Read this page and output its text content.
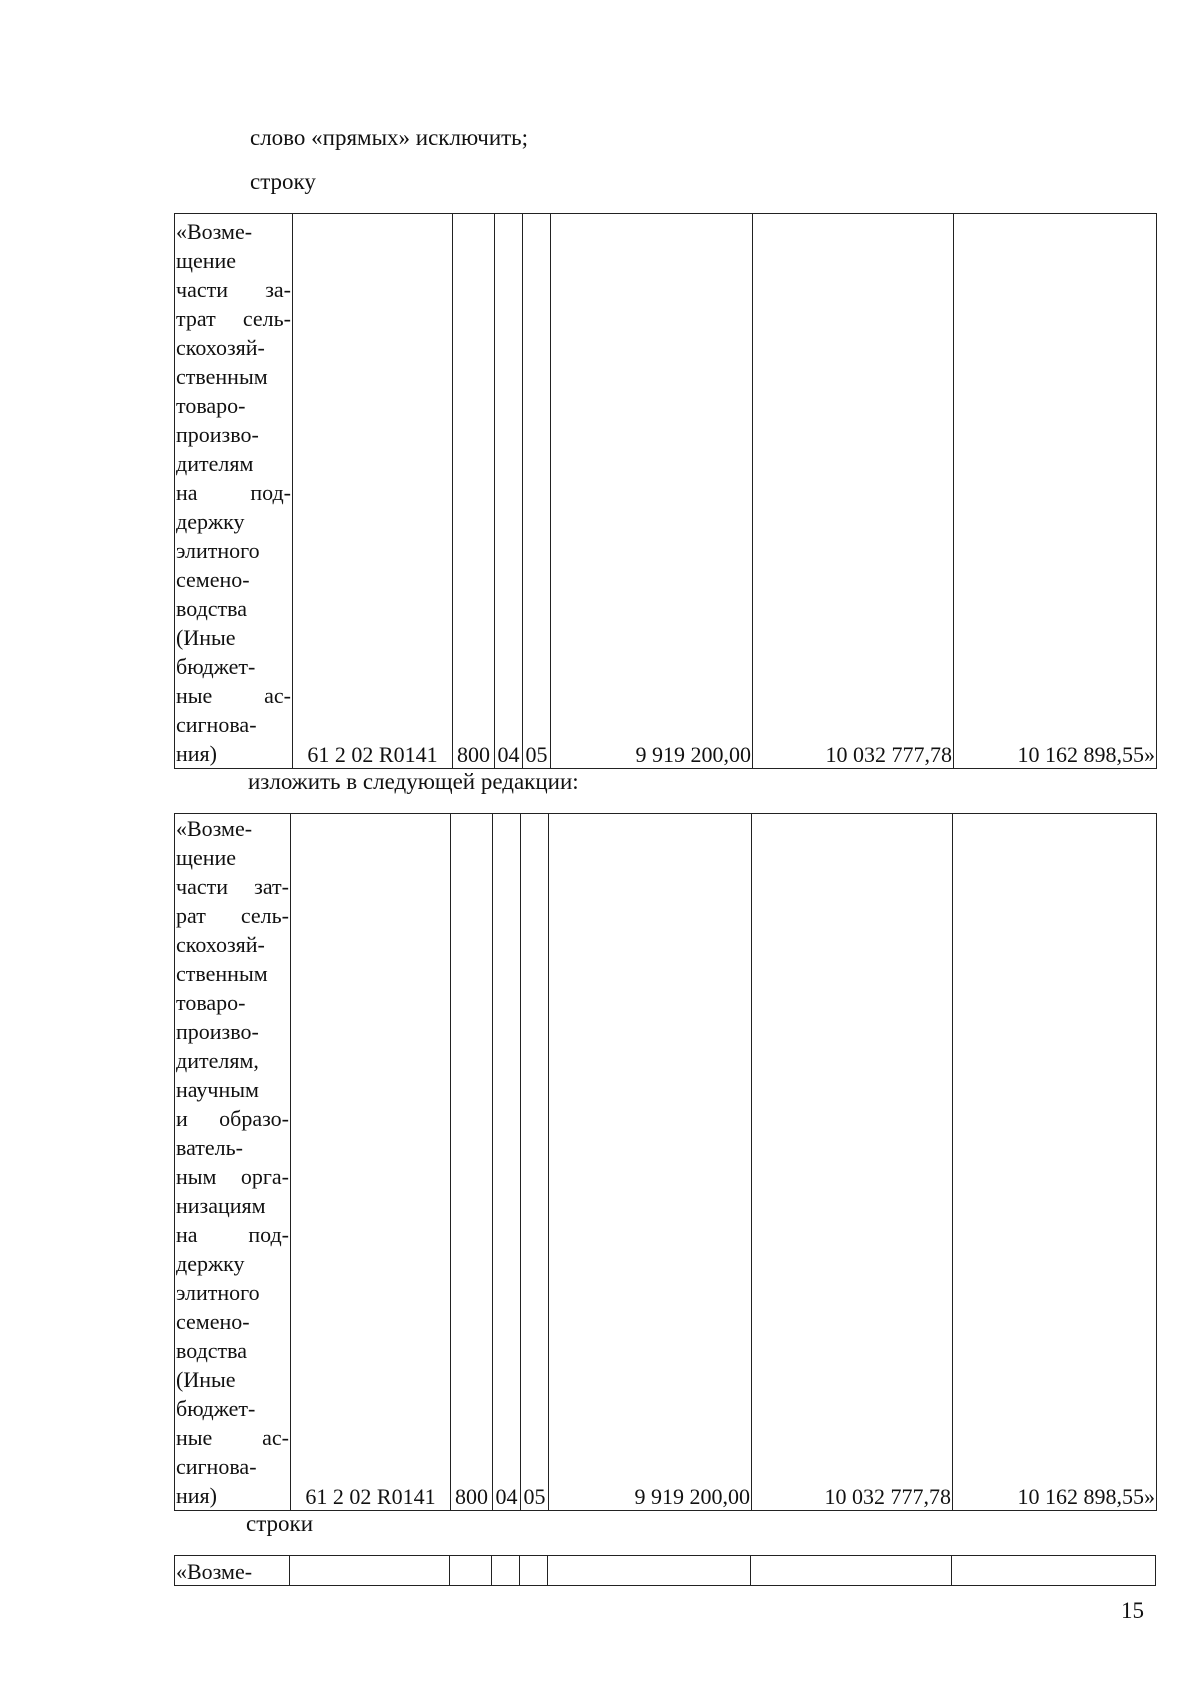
слово «прямых» исключить;
строку
«Возме-
щение
части за-
трат сель-
скохозяй-
ственным
товаро-
произво-
дителям
на под-
держку
элитного
семено-
водства
(Иные
бюджет-
ные ас-
сигнова-
ния)	61 2 02 R0141	800	04	05	9 919 200,00	10 032 777,78	10 162 898,55»
изложить в следующей редакции:
«Возме-
щение
части зат-
рат сель-
скохозяй-
ственным
товаро-
произво-
дителям,
научным
и образо-
ватель-
ным орга-
низациям
на под-
держку
элитного
семено-
водства
(Иные
бюджет-
ные ас-
сигнова-
ния)	61 2 02 R0141	800	04	05	9 919 200,00	10 032 777,78	10 162 898,55»
строки
«Возме-							
15
